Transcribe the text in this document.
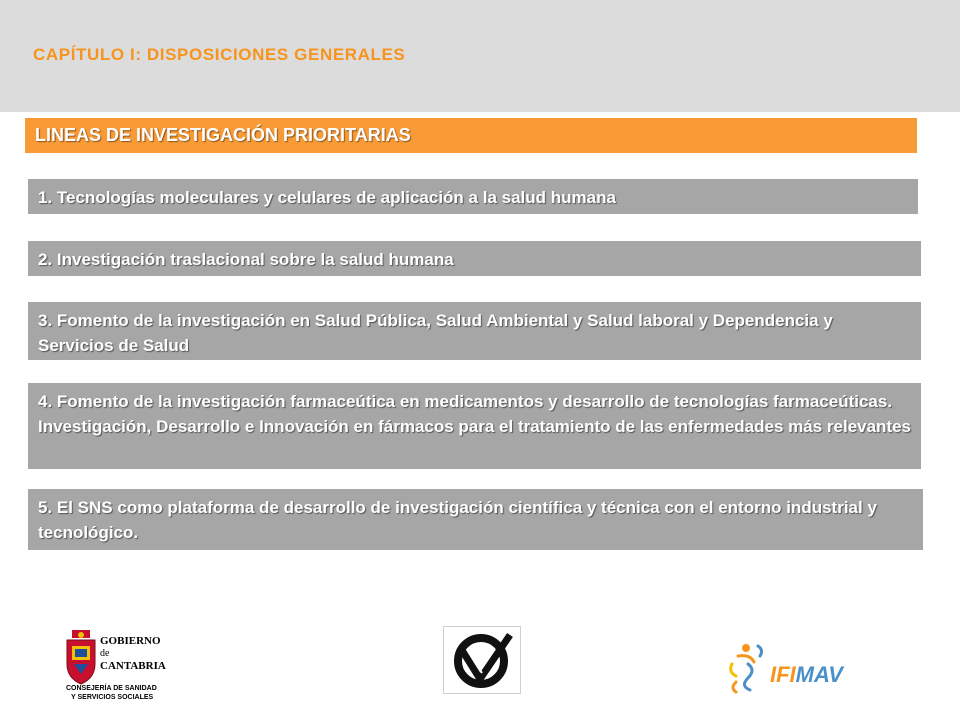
CAPÍTULO I: DISPOSICIONES GENERALES
LINEAS DE INVESTIGACIÓN PRIORITARIAS
1. Tecnologías moleculares y celulares de aplicación a la salud humana
2. Investigación traslacional sobre la salud humana
3. Fomento de la investigación en Salud Pública, Salud Ambiental y Salud laboral y Dependencia y Servicios de Salud
4. Fomento de la investigación farmaceútica en medicamentos y desarrollo de tecnologías farmaceúticas. Investigación, Desarrollo e Innovación en fármacos para el tratamiento de las enfermedades más relevantes
5. El SNS como plataforma de desarrollo de investigación científica y técnica con el entorno industrial y tecnológico.
GOBIERNO
de
CANTABRIA
CONSEJERÍA DE SANIDAD
Y SERVICIOS SOCIALES
IFIMAV
